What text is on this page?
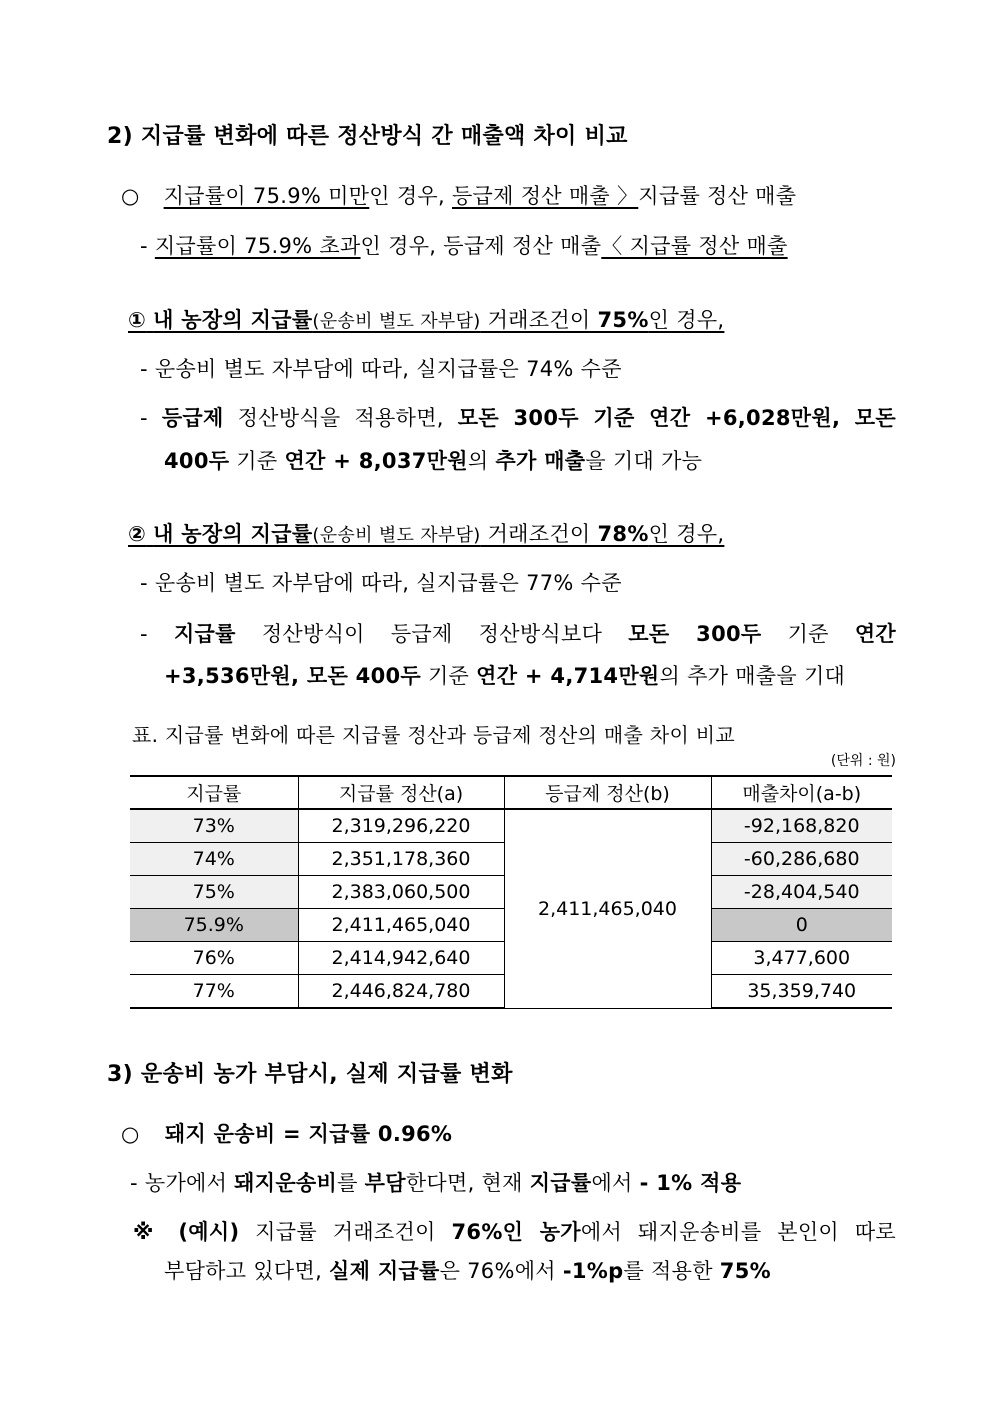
2) 지급률 변화에 따른 정산방식 간 매출액 차이 비교
○ 지급률이 75.9% 미만인 경우, 등급제 정산 매출 〉지급률 정산 매출
- 지급률이 75.9% 초과인 경우, 등급제 정산 매출〈 지급률 정산 매출
① 내 농장의 지급률(운송비 별도 자부담) 거래조건이 75%인 경우,
- 운송비 별도 자부담에 따라, 실지급률은 74% 수준
- 등급제 정산방식을 적용하면, 모돈 300두 기준 연간 +6,028만원, 모돈
400두 기준 연간 + 8,037만원의 추가 매출을 기대 가능
② 내 농장의 지급률(운송비 별도 자부담) 거래조건이 78%인 경우,
- 운송비 별도 자부담에 따라, 실지급률은 77% 수준
- 지급률 정산방식이 등급제 정산방식보다 모돈 300두 기준 연간
+3,536만원, 모돈 400두 기준 연간 + 4,714만원의 추가 매출을 기대
표. 지급률 변화에 따른 지급률 정산과 등급제 정산의 매출 차이 비교
(단위 : 원)
지급률	지급률 정산(a)	등급제 정산(b)	매출차이(a-b)
73%	2,319,296,220	2,411,465,040	-92,168,820
74%	2,351,178,360		-60,286,680
75%	2,383,060,500		-28,404,540
75.9%	2,411,465,040		0
76%	2,414,942,640		3,477,600
77%	2,446,824,780		35,359,740
3) 운송비 농가 부담시, 실제 지급률 변화
○ 돼지 운송비 = 지급률 0.96%
- 농가에서 돼지운송비를 부담한다면, 현재 지급률에서 - 1% 적용
※ (예시) 지급률 거래조건이 76%인 농가에서 돼지운송비를 본인이 따로
부담하고 있다면, 실제 지급률은 76%에서 -1%p를 적용한 75%
